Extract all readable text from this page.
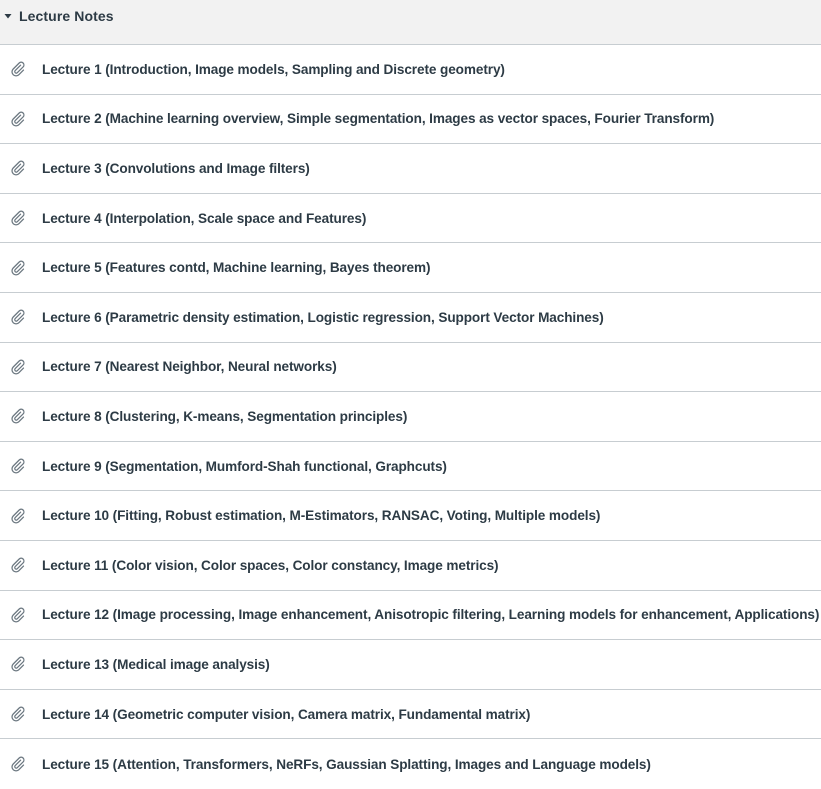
Lecture Notes
Lecture 1 (Introduction, Image models, Sampling and Discrete geometry)
Lecture 2 (Machine learning overview, Simple segmentation, Images as vector spaces, Fourier Transform)
Lecture 3 (Convolutions and Image filters)
Lecture 4 (Interpolation, Scale space and Features)
Lecture 5 (Features contd, Machine learning, Bayes theorem)
Lecture 6 (Parametric density estimation, Logistic regression, Support Vector Machines)
Lecture 7 (Nearest Neighbor, Neural networks)
Lecture 8 (Clustering, K-means, Segmentation principles)
Lecture 9 (Segmentation, Mumford-Shah functional, Graphcuts)
Lecture 10 (Fitting, Robust estimation, M-Estimators, RANSAC, Voting, Multiple models)
Lecture 11 (Color vision, Color spaces, Color constancy, Image metrics)
Lecture 12 (Image processing, Image enhancement, Anisotropic filtering, Learning models for enhancement, Applications)
Lecture 13 (Medical image analysis)
Lecture 14 (Geometric computer vision, Camera matrix, Fundamental matrix)
Lecture 15 (Attention, Transformers, NeRFs, Gaussian Splatting, Images and Language models)
